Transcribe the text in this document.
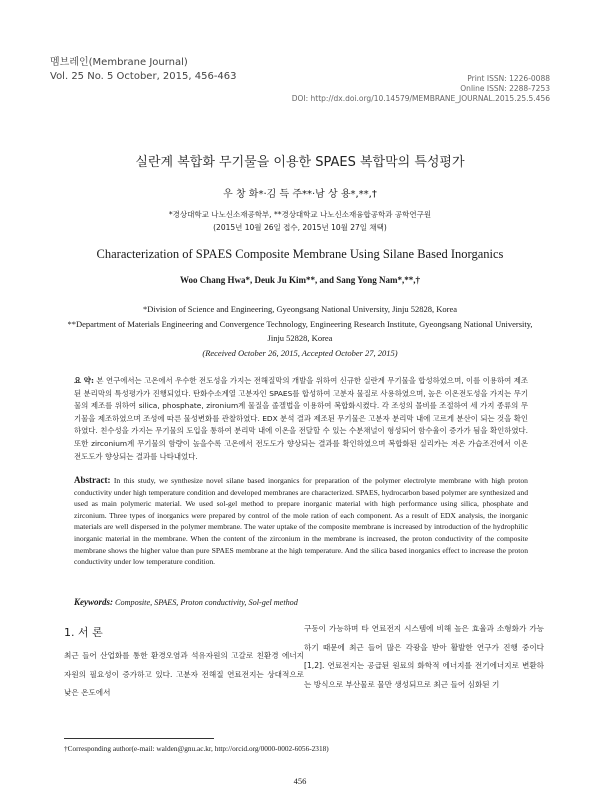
멤브레인(Membrane Journal)
Vol. 25 No. 5 October, 2015, 456-463	Print ISSN: 1226-0088
Online ISSN: 2288-7253
DOI: http://dx.doi.org/10.14579/MEMBRANE_JOURNAL.2015.25.5.456
실란계 복합화 무기물을 이용한 SPAES 복합막의 특성평가
우 창 화*·김 득 주**·남 상 용*,**,†
*경상대학교 나노신소재공학부, **경상대학교 나노신소재융합공학과 공학연구원
(2015년 10월 26일 접수, 2015년 10월 27일 채택)
Characterization of SPAES Composite Membrane Using Silane Based Inorganics
Woo Chang Hwa*, Deuk Ju Kim**, and Sang Yong Nam*,**,†
*Division of Science and Engineering, Gyeongsang National University, Jinju 52828, Korea
**Department of Materials Engineering and Convergence Technology, Engineering Research Institute, Gyeongsang National University, Jinju 52828, Korea
(Received October 26, 2015, Accepted October 27, 2015)
요 약: 본 연구에서는 고온에서 우수한 전도성을 가지는 전해질막의 개발을 위하여 신규한 실란계 무기물을 합성하였으며, 이를 이용하여 제조된 분리막의 특성평가가 진행되었다. 탄화수소계열 고분자인 SPAES를 합성하여 고분자 물질로 사용하였으며, 높은 이온전도성을 가지는 무기물의 제조를 위하여 silica, phosphate, zironium계 물질을 졸겔법을 이용하여 복합화시켰다. 각 조성의 몰비를 조절하여 세 가지 종류의 무기물을 제조하였으며 조성에 따른 물성변화를 관찰하였다. EDX 분석 결과 제조된 무기물은 고분자 분리막 내에 고르게 분산이 되는 것을 확인하였다. 친수성을 가지는 무기물의 도입을 통하여 분리막 내에 이온을 전달할 수 있는 수분채널이 형성되어 함수율이 증가가 됨을 확인하였다. 또한 zirconium계 무기물의 함량이 높을수록 고온에서 전도도가 향상되는 결과를 확인하였으며 복합화된 실리카는 저온 가습조건에서 이온전도도가 향상되는 결과를 나타내었다.
Abstract: In this study, we synthesize novel silane based inorganics for preparation of the polymer electrolyte membrane with high proton conductivity under high temperature condition and developed membranes are characterized. SPAES, hydrocarbon based polymer are synthesized and used as main polymeric material. We used sol-gel method to prepare inorganic material with high performance using silica, phosphate and zirconium. Three types of inorganics were prepared by control of the mole ration of each component. As a result of EDX analysis, the inorganic materials are well dispersed in the polymer membrane. The water uptake of the composite membrane is increased by introduction of the hydrophilic inorganic material in the membrane. When the content of the zirconium in the membrane is increased, the proton conductivity of the composite membrane shows the higher value than pure SPAES membrane at the high temperature. And the silica based inorganics effect to increase the proton conductivity under low temperature condition.
Keywords: Composite, SPAES, Proton conductivity, Sol-gel method
1. 서 론
최근 들어 산업화를 통한 환경오염과 석유자원의 고갈로 친환경 에너지 자원의 필요성이 증가하고 있다. 고분자 전해질 연료전지는 상대적으로 낮은 온도에서
구동이 가능하며 타 연료전지 시스템에 비해 높은 효율과 소형화가 가능하기 때문에 최근 들어 많은 각광을 받아 활발한 연구가 진행 중이다[1,2]. 연료전지는 공급된 원료의 화학적 에너지를 전기에너지로 변환하는 방식으로 부산물로 물만 생성되므로 최근 들어 심화된 기
†Corresponding author(e-mail: walden@gnu.ac.kr, http://orcid.org/0000-0002-6056-2318)
456
